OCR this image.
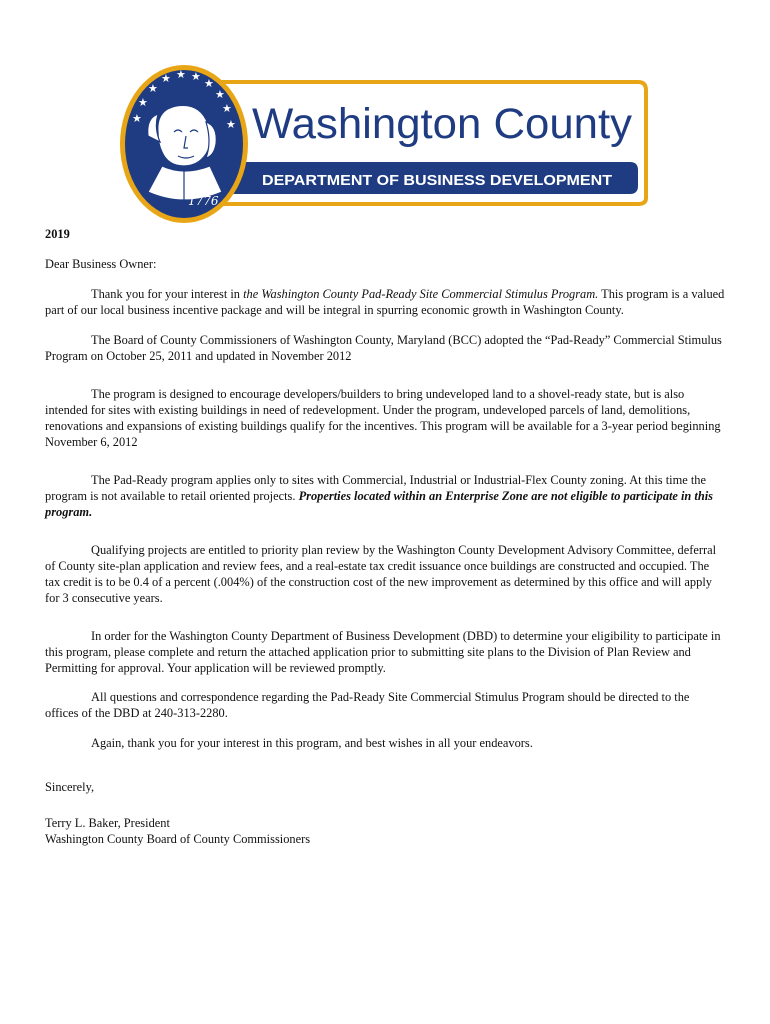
★
★
★
★ ★ ★
★
★
★
★
est.
1776
Washington County
DEPARTMENT OF BUSINESS DEVELOPMENT

2019

Dear Business Owner:

Thank you for your interest in the Washington County Pad-Ready Site Commercial Stimulus Program. This program is a valued part of our local business incentive package and will be integral in spurring economic growth in Washington County.

The Board of County Commissioners of Washington County, Maryland (BCC) adopted the “Pad-Ready” Commercial Stimulus Program on October 25, 2011 and updated in November 2012

The program is designed to encourage developers/builders to bring undeveloped land to a shovel-ready state, but is also intended for sites with existing buildings in need of redevelopment. Under the program, undeveloped parcels of land, demolitions, renovations and expansions of existing buildings qualify for the incentives. This program will be available for a 3-year period beginning November 6, 2012

The Pad-Ready program applies only to sites with Commercial, Industrial or Industrial-Flex County zoning. At this time the program is not available to retail oriented projects. Properties located within an Enterprise Zone are not eligible to participate in this program.

Qualifying projects are entitled to priority plan review by the Washington County Development Advisory Committee, deferral of County site-plan application and review fees, and a real-estate tax credit issuance once buildings are constructed and occupied. The tax credit is to be 0.4 of a percent (.004%) of the construction cost of the new improvement as determined by this office and will apply for 3 consecutive years.

In order for the Washington County Department of Business Development (DBD) to determine your eligibility to participate in this program, please complete and return the attached application prior to submitting site plans to the Division of Plan Review and Permitting for approval. Your application will be reviewed promptly.

All questions and correspondence regarding the Pad-Ready Site Commercial Stimulus Program should be directed to the offices of the DBD at 240-313-2280.

Again, thank you for your interest in this program, and best wishes in all your endeavors.

Sincerely,

Terry L. Baker, President

Washington County Board of County Commissioners
